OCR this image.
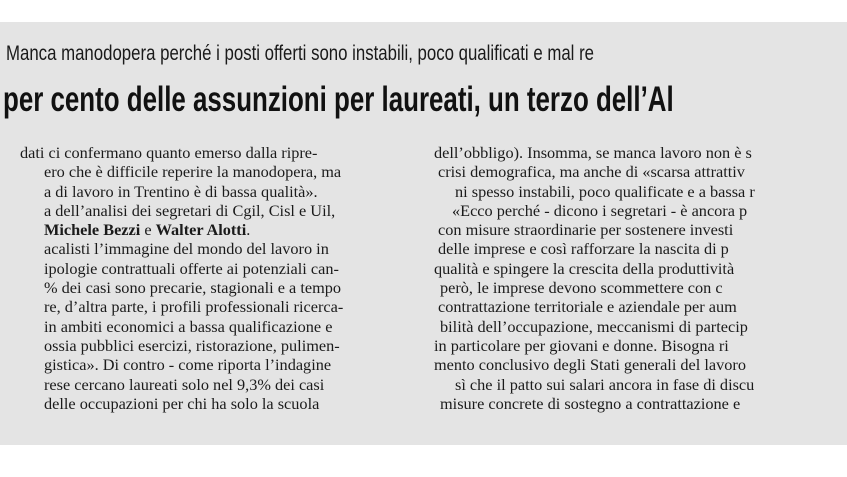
Manca manodopera perché i posti offerti sono instabili, poco qualificati e mal re
per cento delle assunzioni per laureati, un terzo dell’Al
dati ci confermano quanto emerso dalla ripre-
ero che è difficile reperire la manodopera, ma
a di lavoro in Trentino è di bassa qualità».
a dell’analisi dei segretari di Cgil, Cisl e Uil,
Michele Bezzi e Walter Alotti.
acalisti l’immagine del mondo del lavoro in
ipologie contrattuali offerte ai potenziali can-
% dei casi sono precarie, stagionali e a tempo
re, d’altra parte, i profili professionali ricerca-
in ambiti economici a bassa qualificazione e
ossia pubblici esercizi, ristorazione, pulimen-
gistica». Di contro - come riporta l’indagine
rese cercano laureati solo nel 9,3% dei casi
delle occupazioni per chi ha solo la scuola
dell’obbligo). Insomma, se manca lavoro non è s
crisi demografica, ma anche di «scarsa attrattiv
ni spesso instabili, poco qualificate e a bassa r
«Ecco perché - dicono i segretari - è ancora p
con misure straordinarie per sostenere investi
delle imprese e così rafforzare la nascita di p
qualità e spingere la crescita della produttività
però, le imprese devono scommettere con c
contrattazione territoriale e aziendale per aum
bilità dell’occupazione, meccanismi di partecip
in particolare per giovani e donne. Bisogna ri
mento conclusivo degli Stati generali del lavoro
sì che il patto sui salari ancora in fase di discu
misure concrete di sostegno a contrattazione e
